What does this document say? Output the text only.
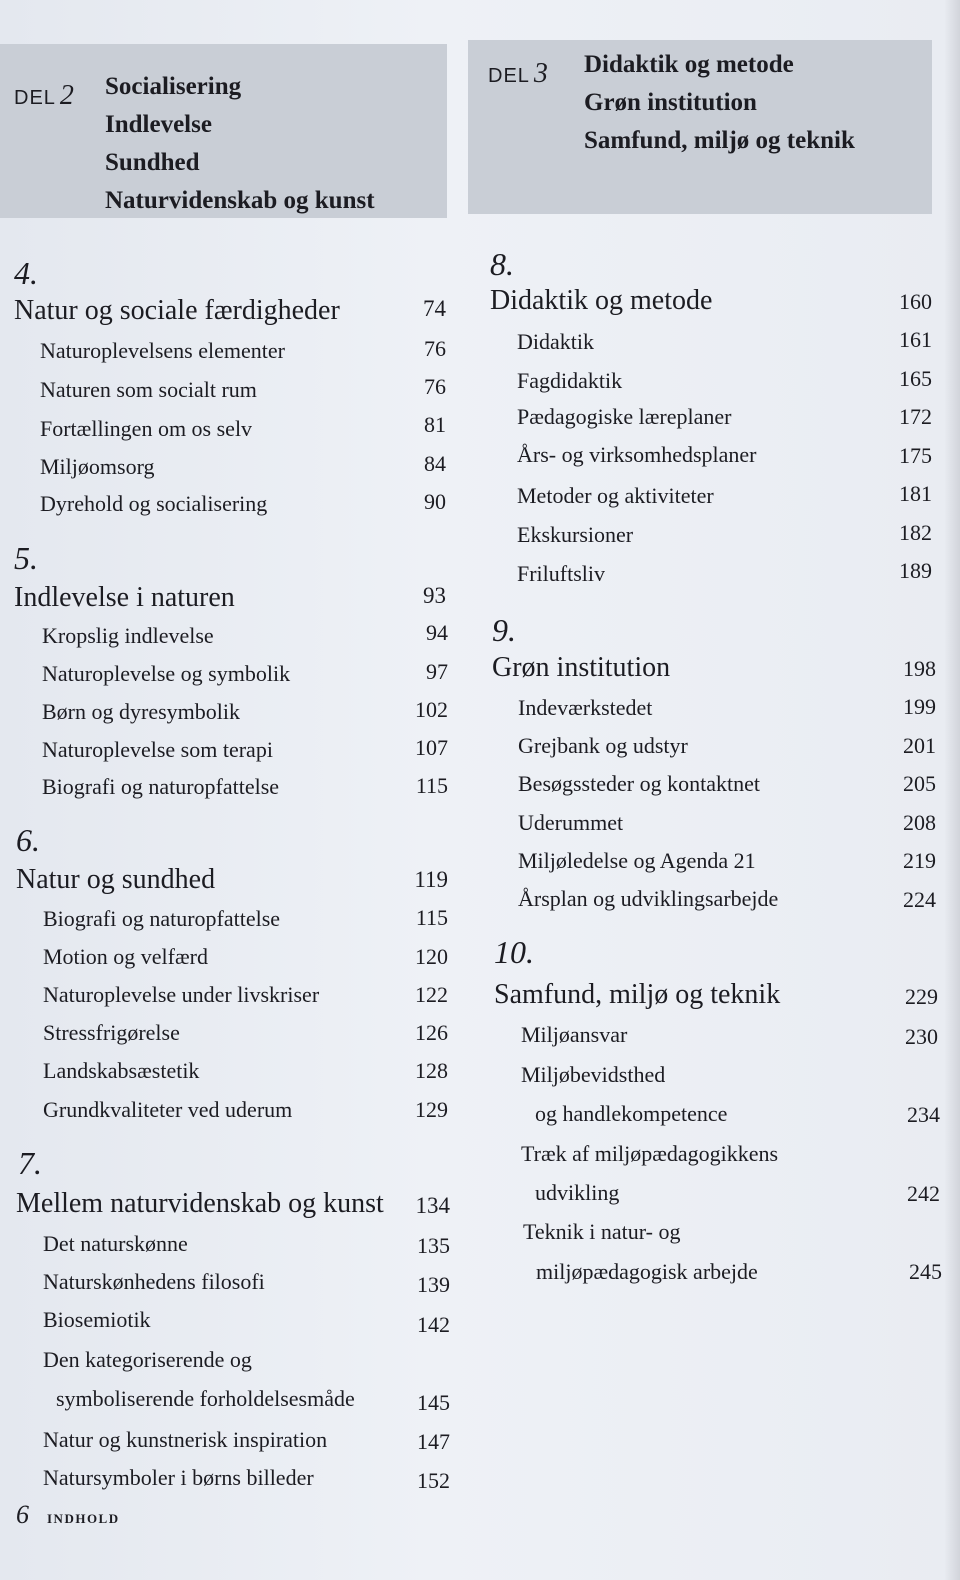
DEL 2 Socialisering
Indlevelse
Sundhed
Naturvidenskab og kunst
DEL 3 Didaktik og metode
Grøn institution
Samfund, miljø og teknik
4.
Natur og sociale færdigheder	74
Naturoplevelsens elementer	76
Naturen som socialt rum	76
Fortællingen om os selv	81
Miljøomsorg	84
Dyrehold og socialisering	90
5.
Indlevelse i naturen	93
Kropslig indlevelse	94
Naturoplevelse og symbolik	97
Børn og dyresymbolik	102
Naturoplevelse som terapi	107
Biografi og naturopfattelse	115
6.
Natur og sundhed	119
Biografi og naturopfattelse	115
Motion og velfærd	120
Naturoplevelse under livskriser	122
Stressfrigørelse	126
Landskabsæstetik	128
Grundkvaliteter ved uderum	129
7.
Mellem naturvidenskab og kunst	134
Det naturskønne	135
Naturskønhedens filosofi	139
Biosemiotik	142
Den kategoriserende og
symboliserende forholdelsesmåde	145
Natur og kunstnerisk inspiration	147
Natursymboler i børns billeder	152
8.
Didaktik og metode	160
Didaktik	161
Fagdidaktik	165
Pædagogiske læreplaner	172
Års- og virksomhedsplaner	175
Metoder og aktiviteter	181
Ekskursioner	182
Friluftsliv	189
9.
Grøn institution	198
Indeværkstedet	199
Grejbank og udstyr	201
Besøgssteder og kontaktnet	205
Uderummet	208
Miljøledelse og Agenda 21	219
Årsplan og udviklingsarbejde	224
10.
Samfund, miljø og teknik	229
Miljøansvar	230
Miljøbevidsthed
og handlekompetence	234
Træk af miljøpædagogikkens
udvikling	242
Teknik i natur- og
miljøpædagogisk arbejde	245
6 INDHOLD
